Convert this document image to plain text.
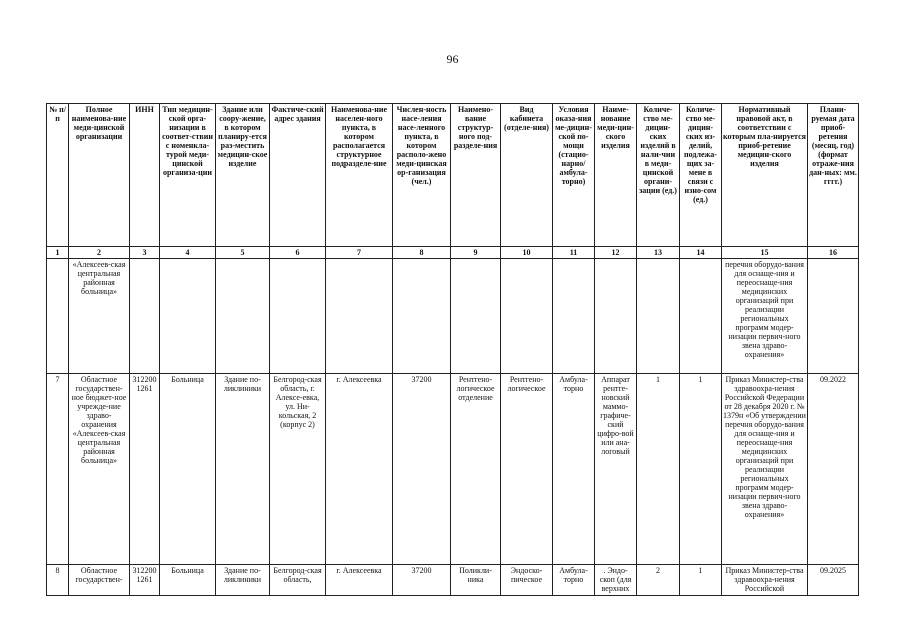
96
№ п/п	Полное наименова-ние меди-цинской организации	ИНН	Тип медицин-ской орга-низации в соответ-ствии с номенкла-турой меди-цинской организа-ции	Здание или соору-жение, в котором планиру-ется раз-местить медицин-ское изделие	Фактиче-ский адрес здания	Наименова-ние населен-ного пункта, в котором располагается структурное подразделе-ние	Числен-ность насе-ления насе-ленного пункта, в котором располо-жено меди-цинская ор-ганизация (чел.)	Наимено-вание структур-ного под-разделе-ния	Вид кабинета (отделе-ния)	Условия оказа-ния ме-дицин-ской по-мощи (стацио-нарно/ амбула-торно)	Наиме-нование меди-цин-ского изделия	Количе-ство ме-дицин-ских изделий в нали-чии в меди-цинской органи-зации (ед.)	Количе-ство ме-дицин-ских из-делий, подлежа-щих за-мене в связи с изно-сом (ед.)	Нормативный правовой акт, в соответствии с которым пла-нируется приоб-ретение медицин-ского изделия	Плани-руемая дата приоб-ретения (месяц, год) (формат отраже-ния дан-ных: мм. гггг.)
1	2	3	4	5	6	7	8	9	10	11	12	13	14	15	16
	«Алексеев-ская центральная районная больница»													перечня оборудо-вания для оснаще-ния и переоснаще-ния медицинских организаций при реализации региональных программ модер-низации первич-ного звена здраво-охранения»	
7	Областное государствен-ное бюджет-ное учрежде-ние здраво-охранения «Алексеев-ская центральная районная больница»	312200 1261	Больница	Здание по-ликлиники	Белгород-ская область, г. Алексе-евка, ул. Ни-кольская, 2 (корпус 2)	г. Алексеевка	37200	Рентгено-логическое отделение	Рентгено-логическое	Амбула-торно	Аппарат рентге-новский маммо-графиче-ский цифро-вой или ана-логовый	1	1	Приказ Министер-ства здравоохра-нения Российской Федерации от 28 декабря 2020 г. № 1379н «Об утверждении перечня оборудо-вания для оснаще-ния и переоснаще-ния медицинских организаций при реализации региональных программ модер-низации первич-ного звена здраво-охранения»	09.2022
8	Областное государствен-	312200 1261	Больница	Здание по-ликлиники	Белгород-ская область,	г. Алексеевка	37200	Поликли-ника	Эндоско-пическое	Амбула-торно	. Эндо-скоп (для верхних	2	1	Приказ Министер-ства здравоохра-нения Российской	09.2025
